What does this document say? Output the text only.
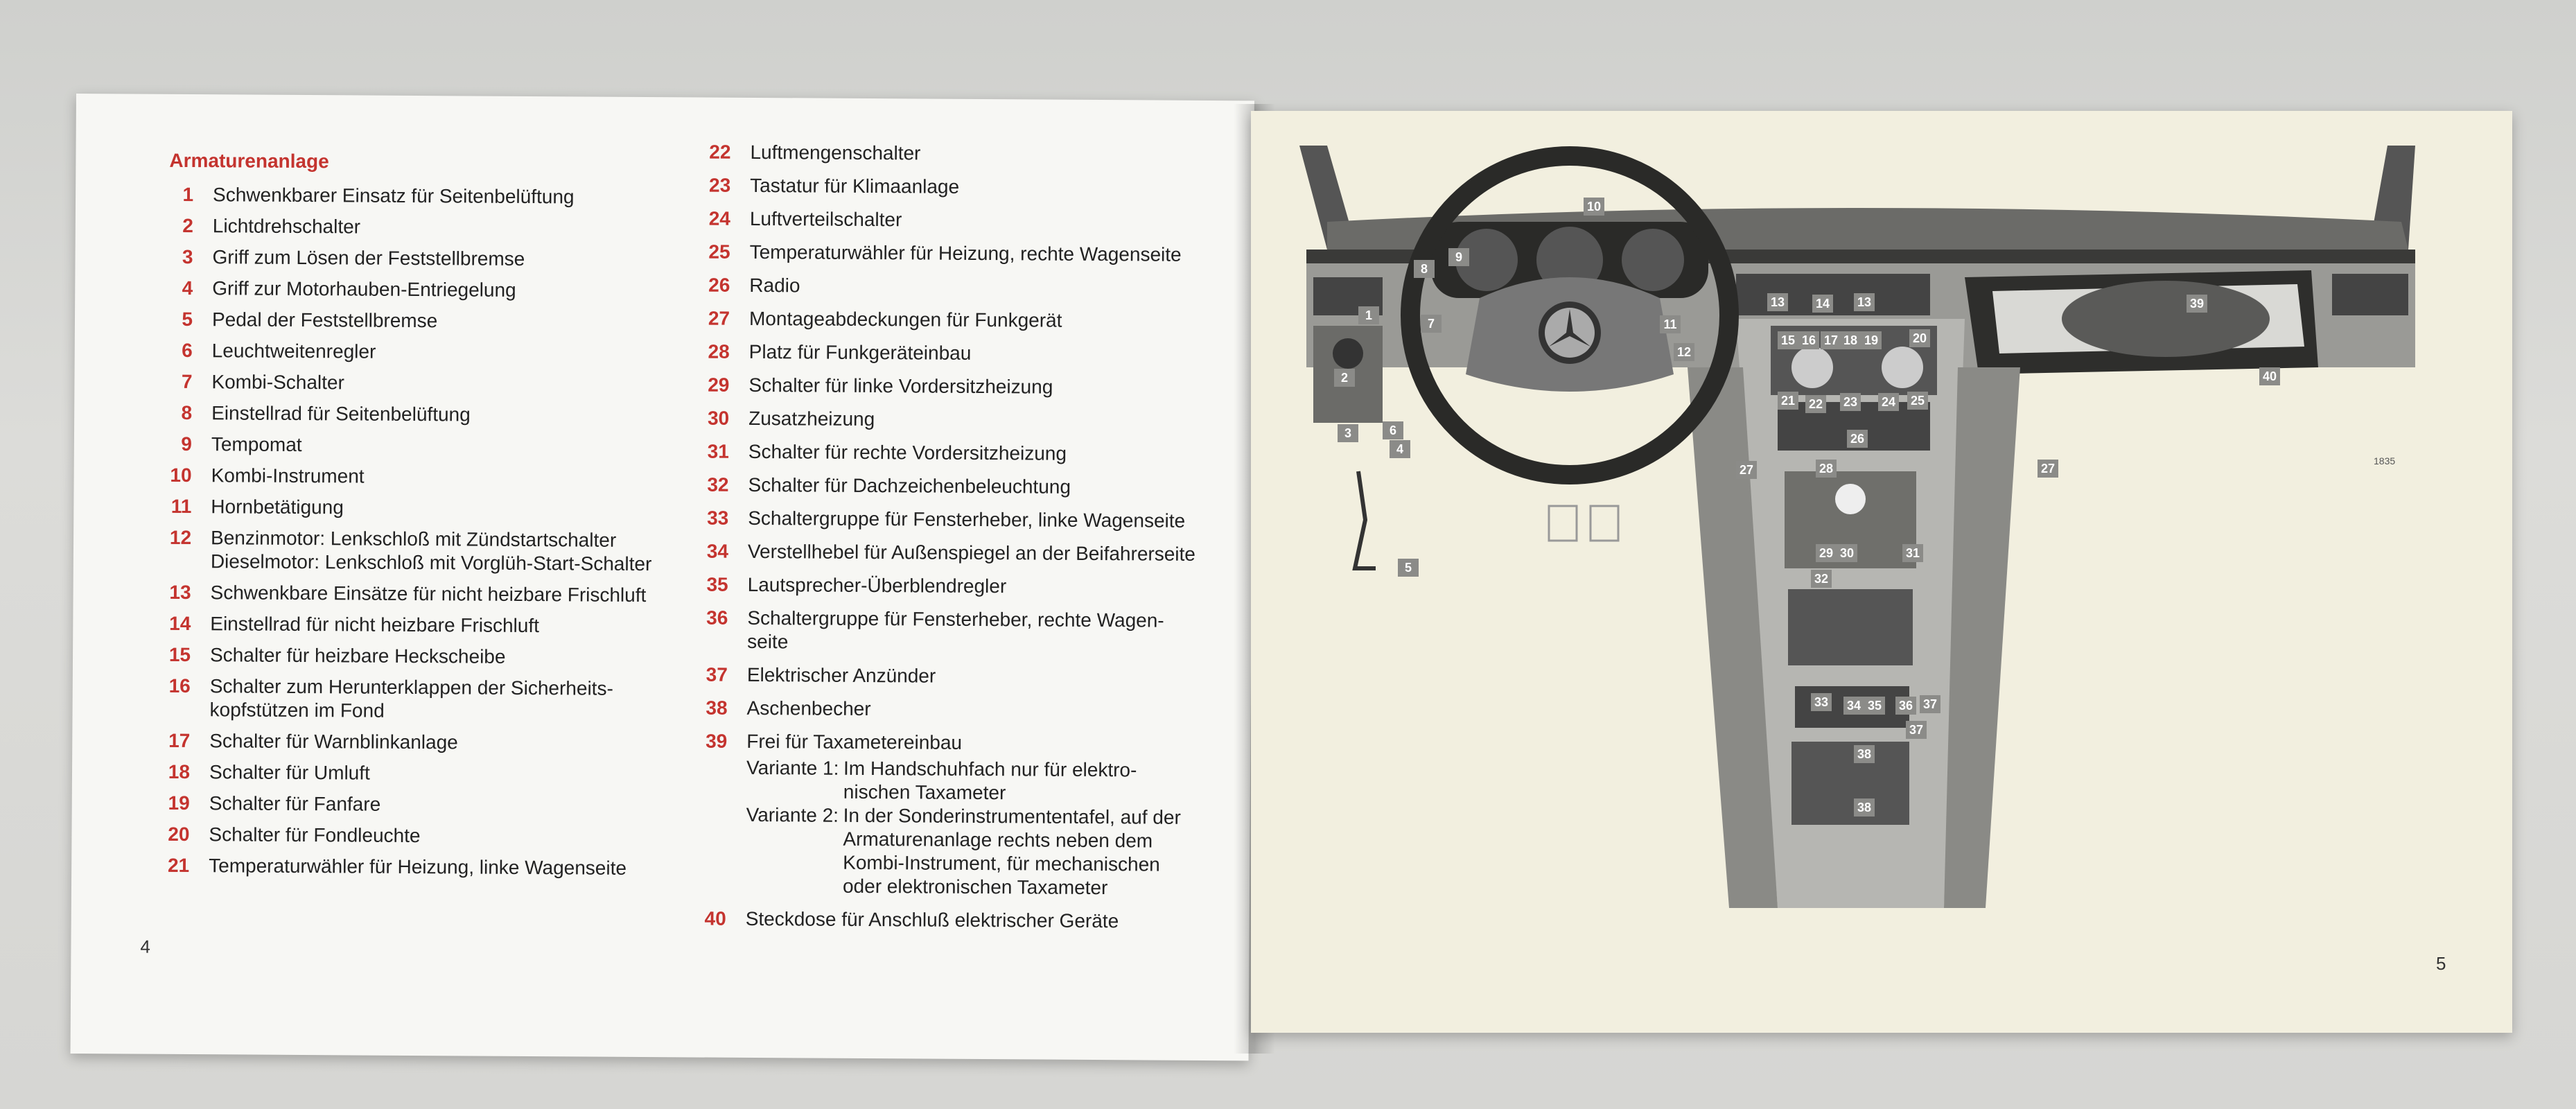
Armaturenanlage
1 Schwenkbarer Einsatz für Seitenbelüftung
2 Lichtdrehschalter
3 Griff zum Lösen der Feststellbremse
4 Griff zur Motorhauben-Entriegelung
5 Pedal der Feststellbremse
6 Leuchtweitenregler
7 Kombi-Schalter
8 Einstellrad für Seitenbelüftung
9 Tempomat
10 Kombi-Instrument
11 Hornbetätigung
12 Benzinmotor: Lenkschloß mit Zündstartschalter
Dieselmotor: Lenkschloß mit Vorglüh-Start-Schalter
13 Schwenkbare Einsätze für nicht heizbare Frischluft
14 Einstellrad für nicht heizbare Frischluft
15 Schalter für heizbare Heckscheibe
16 Schalter zum Herunterklappen der Sicherheits-
kopfstützen im Fond
17 Schalter für Warnblinkanlage
18 Schalter für Umluft
19 Schalter für Fanfare
20 Schalter für Fondleuchte
21 Temperaturwähler für Heizung, linke Wagenseite
22 Luftmengenschalter
23 Tastatur für Klimaanlage
24 Luftverteilschalter
25 Temperaturwähler für Heizung, rechte Wagenseite
26 Radio
27 Montageabdeckungen für Funkgerät
28 Platz für Funkgeräteinbau
29 Schalter für linke Vordersitzheizung
30 Zusatzheizung
31 Schalter für rechte Vordersitzheizung
32 Schalter für Dachzeichenbeleuchtung
33 Schaltergruppe für Fensterheber, linke Wagenseite
34 Verstellhebel für Außenspiegel an der Beifahrerseite
35 Lautsprecher-Überblendregler
36 Schaltergruppe für Fensterheber, rechte Wagen-
seite
37 Elektrischer Anzünder
38 Aschenbecher
39 Frei für Taxametereinbau
Variante 1: Im Handschuhfach nur für elektro-
nischen Taxameter
Variante 2: In der Sonderinstrumententafel, auf der
Armaturenanlage rechts neben dem
Kombi-Instrument, für mechanischen
oder elektronischen Taxameter
40 Steckdose für Anschluß elektrischer Geräte
4
1
2
3
4
5
6
7
8
9
10
11
12
13 14 13
15 16 17 18 19	20
21 22 23 24 25
26
27	28	27
29 30	31
32
33 34 35 36 37
37
38
38
39
40
1835
5
